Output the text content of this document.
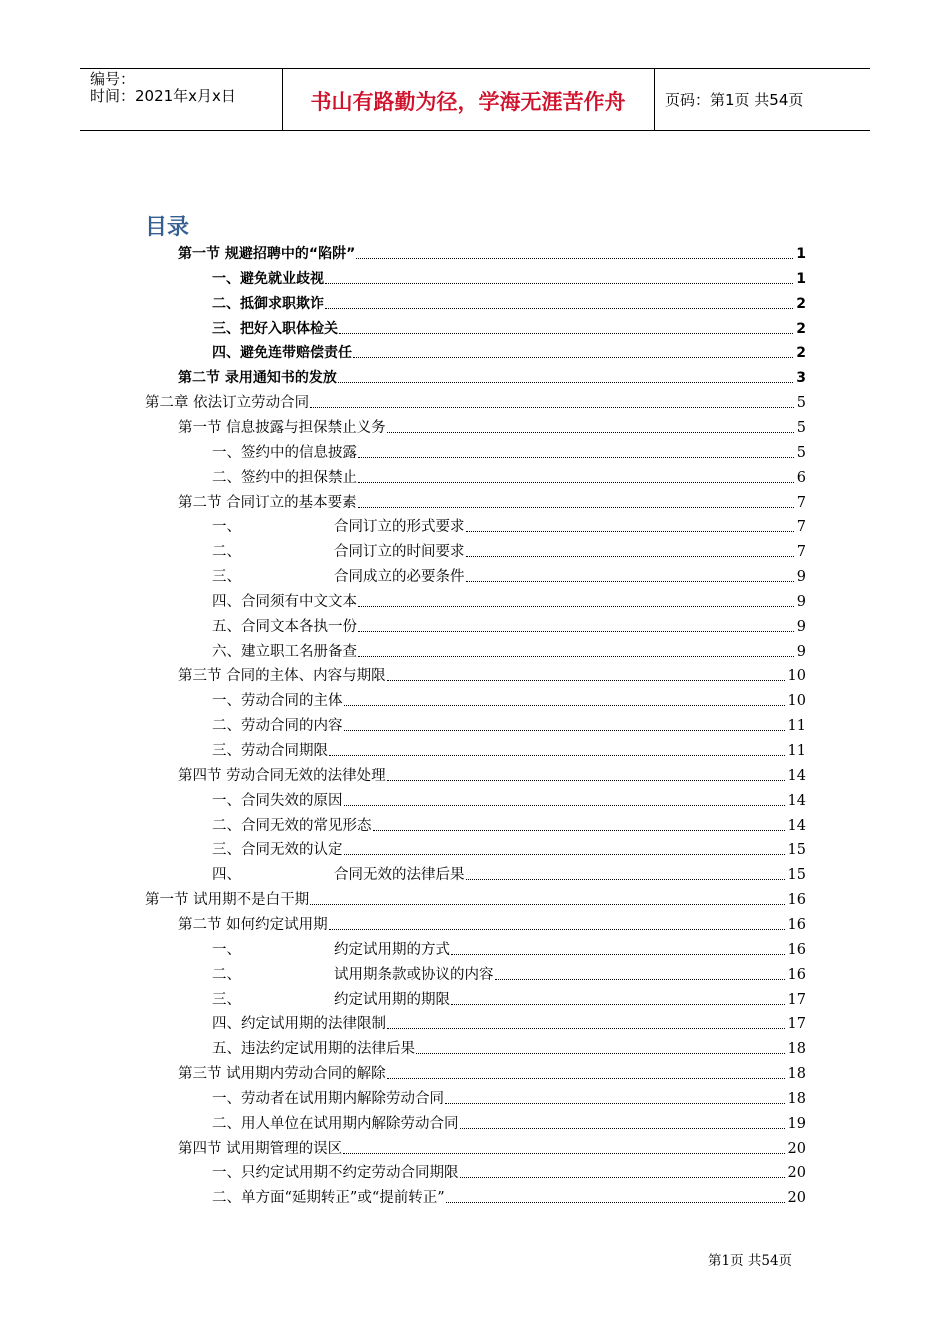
编号：
时间：2021年x月x日	书山有路勤为径，学海无涯苦作舟	页码：第1页 共54页
目录
第一节 规避招聘中的“陷阱”	1
一、避免就业歧视	1
二、抵御求职欺诈	2
三、把好入职体检关	2
四、避免连带赔偿责任	2
第二节 录用通知书的发放	3
第二章 依法订立劳动合同	5
第一节 信息披露与担保禁止义务	5
一、签约中的信息披露	5
二、签约中的担保禁止	6
第二节 合同订立的基本要素	7
一、	合同订立的形式要求	7
二、	合同订立的时间要求	7
三、	合同成立的必要条件	9
四、合同须有中文文本	9
五、合同文本各执一份	9
六、建立职工名册备查	9
第三节 合同的主体、内容与期限	10
一、劳动合同的主体	10
二、劳动合同的内容	11
三、劳动合同期限	11
第四节 劳动合同无效的法律处理	14
一、合同失效的原因	14
二、合同无效的常见形态	14
三、合同无效的认定	15
四、	合同无效的法律后果	15
第一节 试用期不是白干期	16
第二节 如何约定试用期	16
一、	约定试用期的方式	16
二、	试用期条款或协议的内容	16
三、	约定试用期的期限	17
四、约定试用期的法律限制	17
五、违法约定试用期的法律后果	18
第三节 试用期内劳动合同的解除	18
一、劳动者在试用期内解除劳动合同	18
二、用人单位在试用期内解除劳动合同	19
第四节 试用期管理的误区	20
一、只约定试用期不约定劳动合同期限	20
二、单方面“延期转正”或“提前转正”	20
第1页 共54页
